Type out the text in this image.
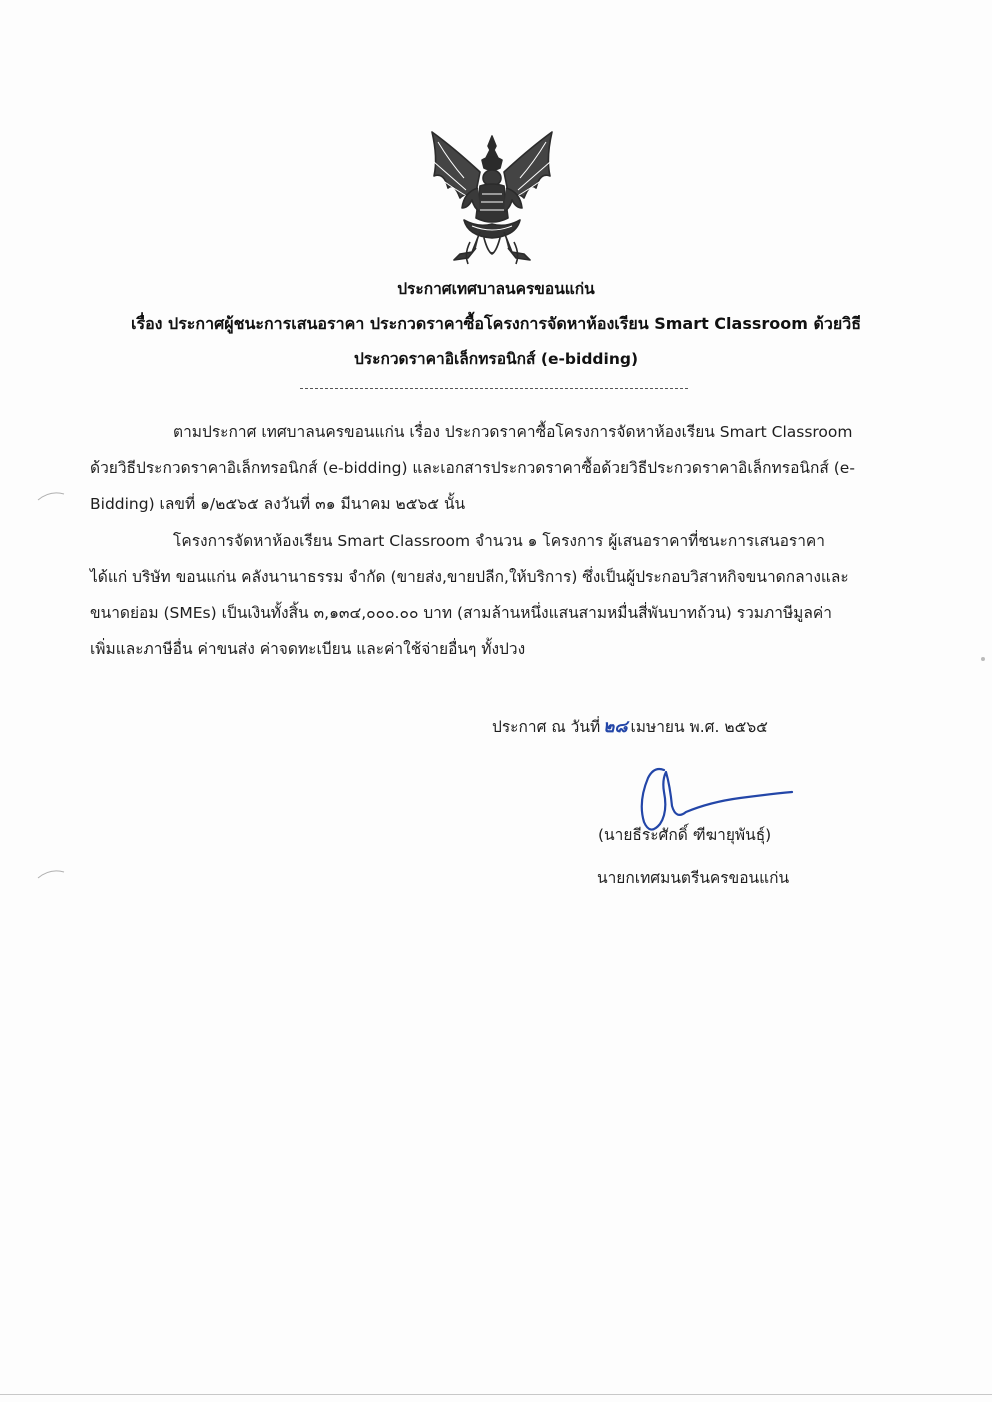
ประกาศเทศบาลนครขอนแก่น
เรื่อง ประกาศผู้ชนะการเสนอราคา ประกวดราคาซื้อโครงการจัดหาห้องเรียน Smart Classroom ด้วยวิธี
ประกวดราคาอิเล็กทรอนิกส์ (e-bidding)
ตามประกาศ เทศบาลนครขอนแก่น เรื่อง ประกวดราคาซื้อโครงการจัดหาห้องเรียน Smart Classroom
ด้วยวิธีประกวดราคาอิเล็กทรอนิกส์ (e-bidding) และเอกสารประกวดราคาซื้อด้วยวิธีประกวดราคาอิเล็กทรอนิกส์ (e-
Bidding) เลขที่ ๑/๒๕๖๕ ลงวันที่ ๓๑ มีนาคม ๒๕๖๕ นั้น
โครงการจัดหาห้องเรียน Smart Classroom จำนวน ๑ โครงการ ผู้เสนอราคาที่ชนะการเสนอราคา
ได้แก่ บริษัท ขอนแก่น คลังนานาธรรม จำกัด (ขายส่ง,ขายปลีก,ให้บริการ) ซึ่งเป็นผู้ประกอบวิสาหกิจขนาดกลางและ
ขนาดย่อม (SMEs) เป็นเงินทั้งสิ้น ๓,๑๓๔,๐๐๐.๐๐ บาท (สามล้านหนึ่งแสนสามหมื่นสี่พันบาทถ้วน) รวมภาษีมูลค่า
เพิ่มและภาษีอื่น ค่าขนส่ง ค่าจดทะเบียน และค่าใช้จ่ายอื่นๆ ทั้งปวง
ประกาศ ณ วันที่ ๒๘ เมษายน พ.ศ. ๒๕๖๕
(นายธีระศักดิ์ ฑีฆายุพันธุ์)
นายกเทศมนตรีนครขอนแก่น
